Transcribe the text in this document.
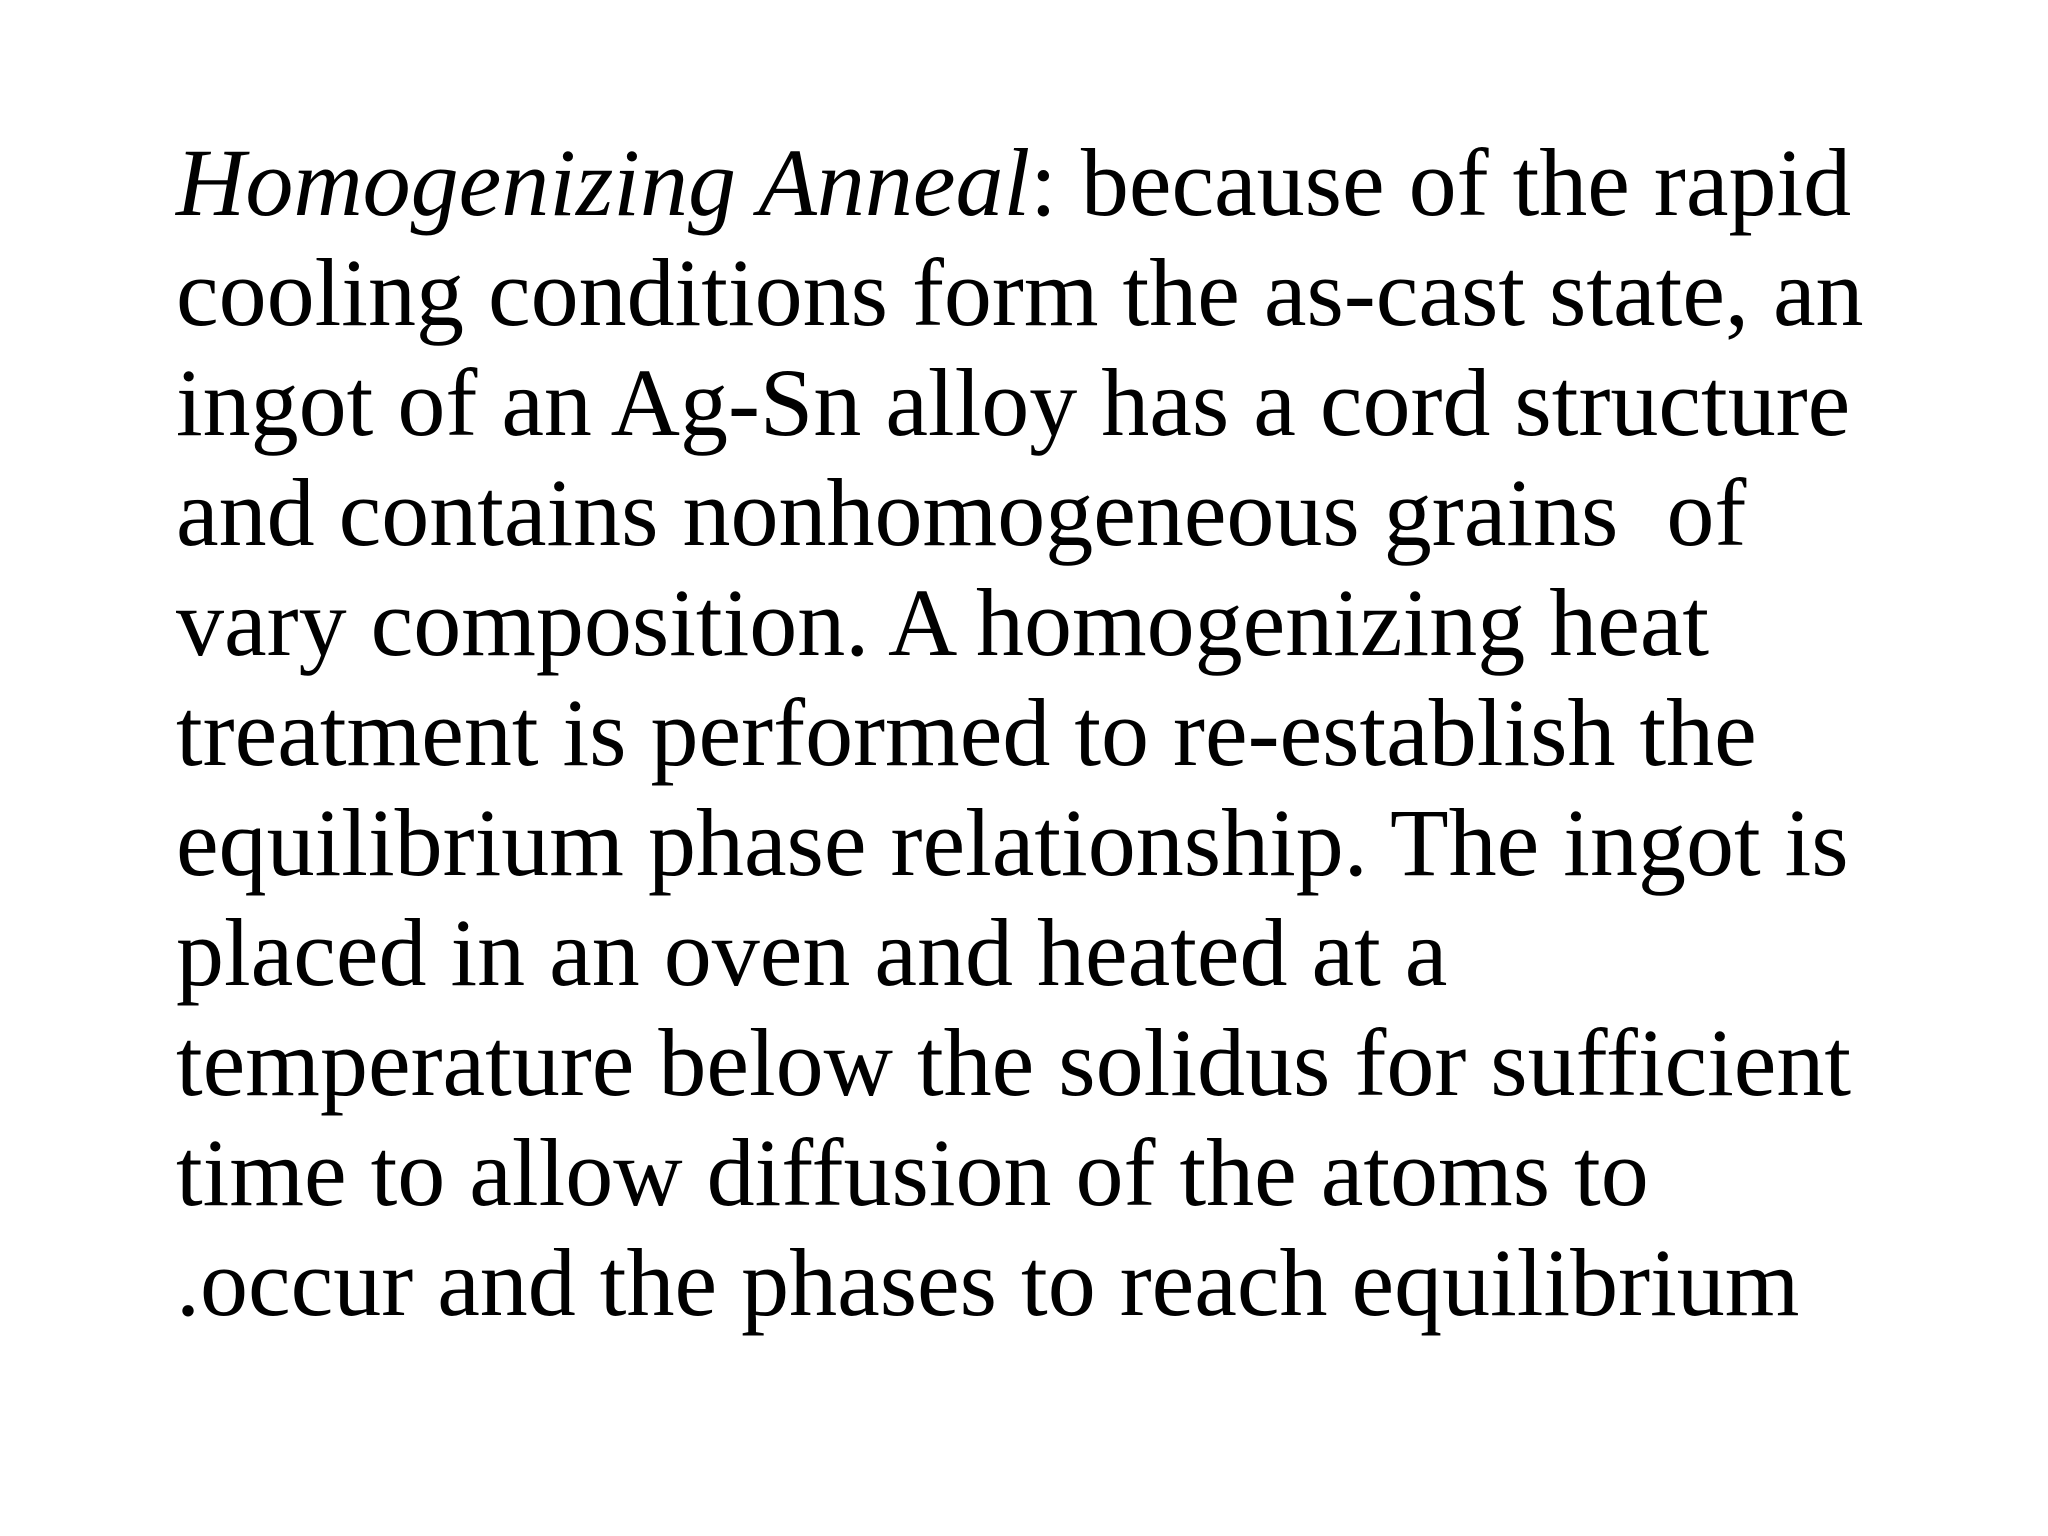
Homogenizing Anneal: because of the rapid
cooling conditions form the as-cast state, an
ingot of an Ag-Sn alloy has a cord structure
and contains nonhomogeneous grains  of
vary composition. A homogenizing heat
treatment is performed to re-establish the
equilibrium phase relationship. The ingot is
placed in an oven and heated at a
temperature below the solidus for sufficient
time to allow diffusion of the atoms to
.occur and the phases to reach equilibrium
